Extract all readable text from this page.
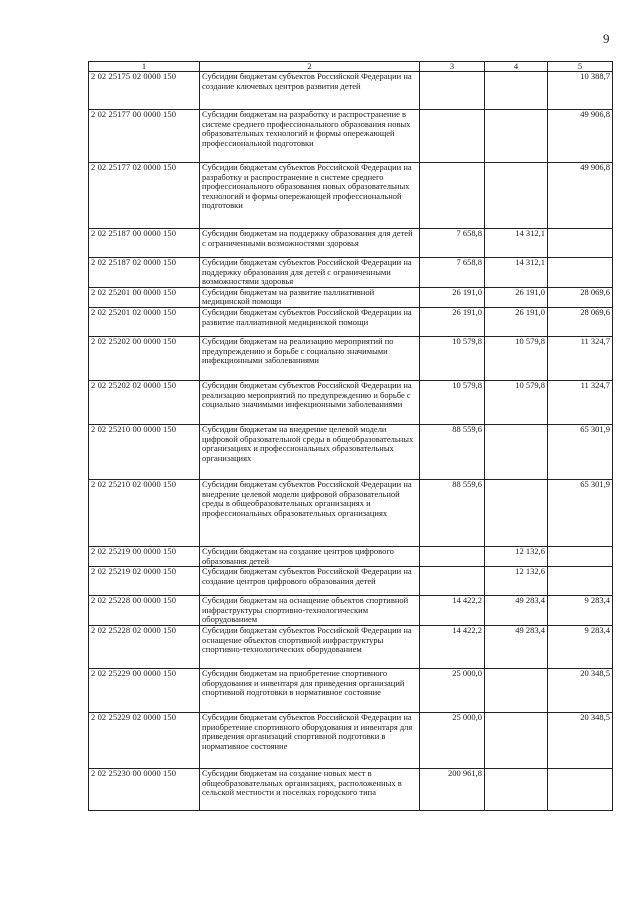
9
1	2	3	4	5
2 02 25175 02 0000 150	Субсидии бюджетам субъектов Российской Федерации на создание ключевых центров развития детей			10 388,7
2 02 25177 00 0000 150	Субсидии бюджетам на разработку и распространение в системе среднего профессионального образования новых образовательных технологий и формы опережающей профессиональной подготовки			49 906,8
2 02 25177 02 0000 150	Субсидии бюджетам субъектов Российской Федерации на разработку и распространение в системе среднего профессионального образования новых образовательных технологий и формы опережающей профессиональной подготовки			49 906,8
2 02 25187 00 0000 150	Субсидии бюджетам на поддержку образования для детей с ограниченными возможностями здоровья	7 658,8	14 312,1	
2 02 25187 02 0000 150	Субсидии бюджетам субъектов Российской Федерации на поддержку образования для детей с ограниченными возможностями здоровья	7 658,8	14 312,1	
2 02 25201 00 0000 150	Субсидии бюджетам на развитие паллиативной медицинской помощи	26 191,0	26 191,0	28 069,6
2 02 25201 02 0000 150	Субсидии бюджетам субъектов Российской Федерации на развитие паллиативной медицинской помощи	26 191,0	26 191,0	28 069,6
2 02 25202 00 0000 150	Субсидии бюджетам на реализацию мероприятий по предупреждению и борьбе с социально значимыми инфекционными заболеваниями	10 579,8	10 579,8	11 324,7
2 02 25202 02 0000 150	Субсидии бюджетам субъектов Российской Федерации на реализацию мероприятий по предупреждению и борьбе с социально значимыми инфекционными заболеваниями	10 579,8	10 579,8	11 324,7
2 02 25210 00 0000 150	Субсидии бюджетам на внедрение целевой модели цифровой образовательной среды в общеобразовательных организациях и профессиональных образовательных организациях	88 559,6		65 301,9
2 02 25210 02 0000 150	Субсидии бюджетам субъектов Российской Федерации на внедрение целевой модели цифровой образовательной среды в общеобразовательных организациях и профессиональных образовательных организациях	88 559,6		65 301,9
2 02 25219 00 0000 150	Субсидии бюджетам на создание центров цифрового образования детей		12 132,6	
2 02 25219 02 0000 150	Субсидии бюджетам субъектов Российской Федерации на создание центров цифрового образования детей		12 132,6	
2 02 25228 00 0000 150	Субсидии бюджетам на оснащение объектов спортивной инфраструктуры спортивно-технологическим оборудованием	14 422,2	49 283,4	9 283,4
2 02 25228 02 0000 150	Субсидии бюджетам субъектов Российской Федерации на оснащение объектов спортивной инфраструктуры спортивно-технологических оборудованием	14 422,2	49 283,4	9 283,4
2 02 25229 00 0000 150	Субсидии бюджетам на приобретение спортивного оборудования и инвентаря для приведения организаций спортивной подготовки в нормативное состояние	25 000,0		20 348,5
2 02 25229 02 0000 150	Субсидии бюджетам субъектов Российской Федерации на приобретение спортивного оборудования и инвентаря для приведения организаций спортивной подготовки в нормативное состояние	25 000,0		20 348,5
2 02 25230 00 0000 150	Субсидии бюджетам на создание новых мест в общеобразовательных организациях, расположенных в сельской местности и поселках городского типа	200 961,8		
